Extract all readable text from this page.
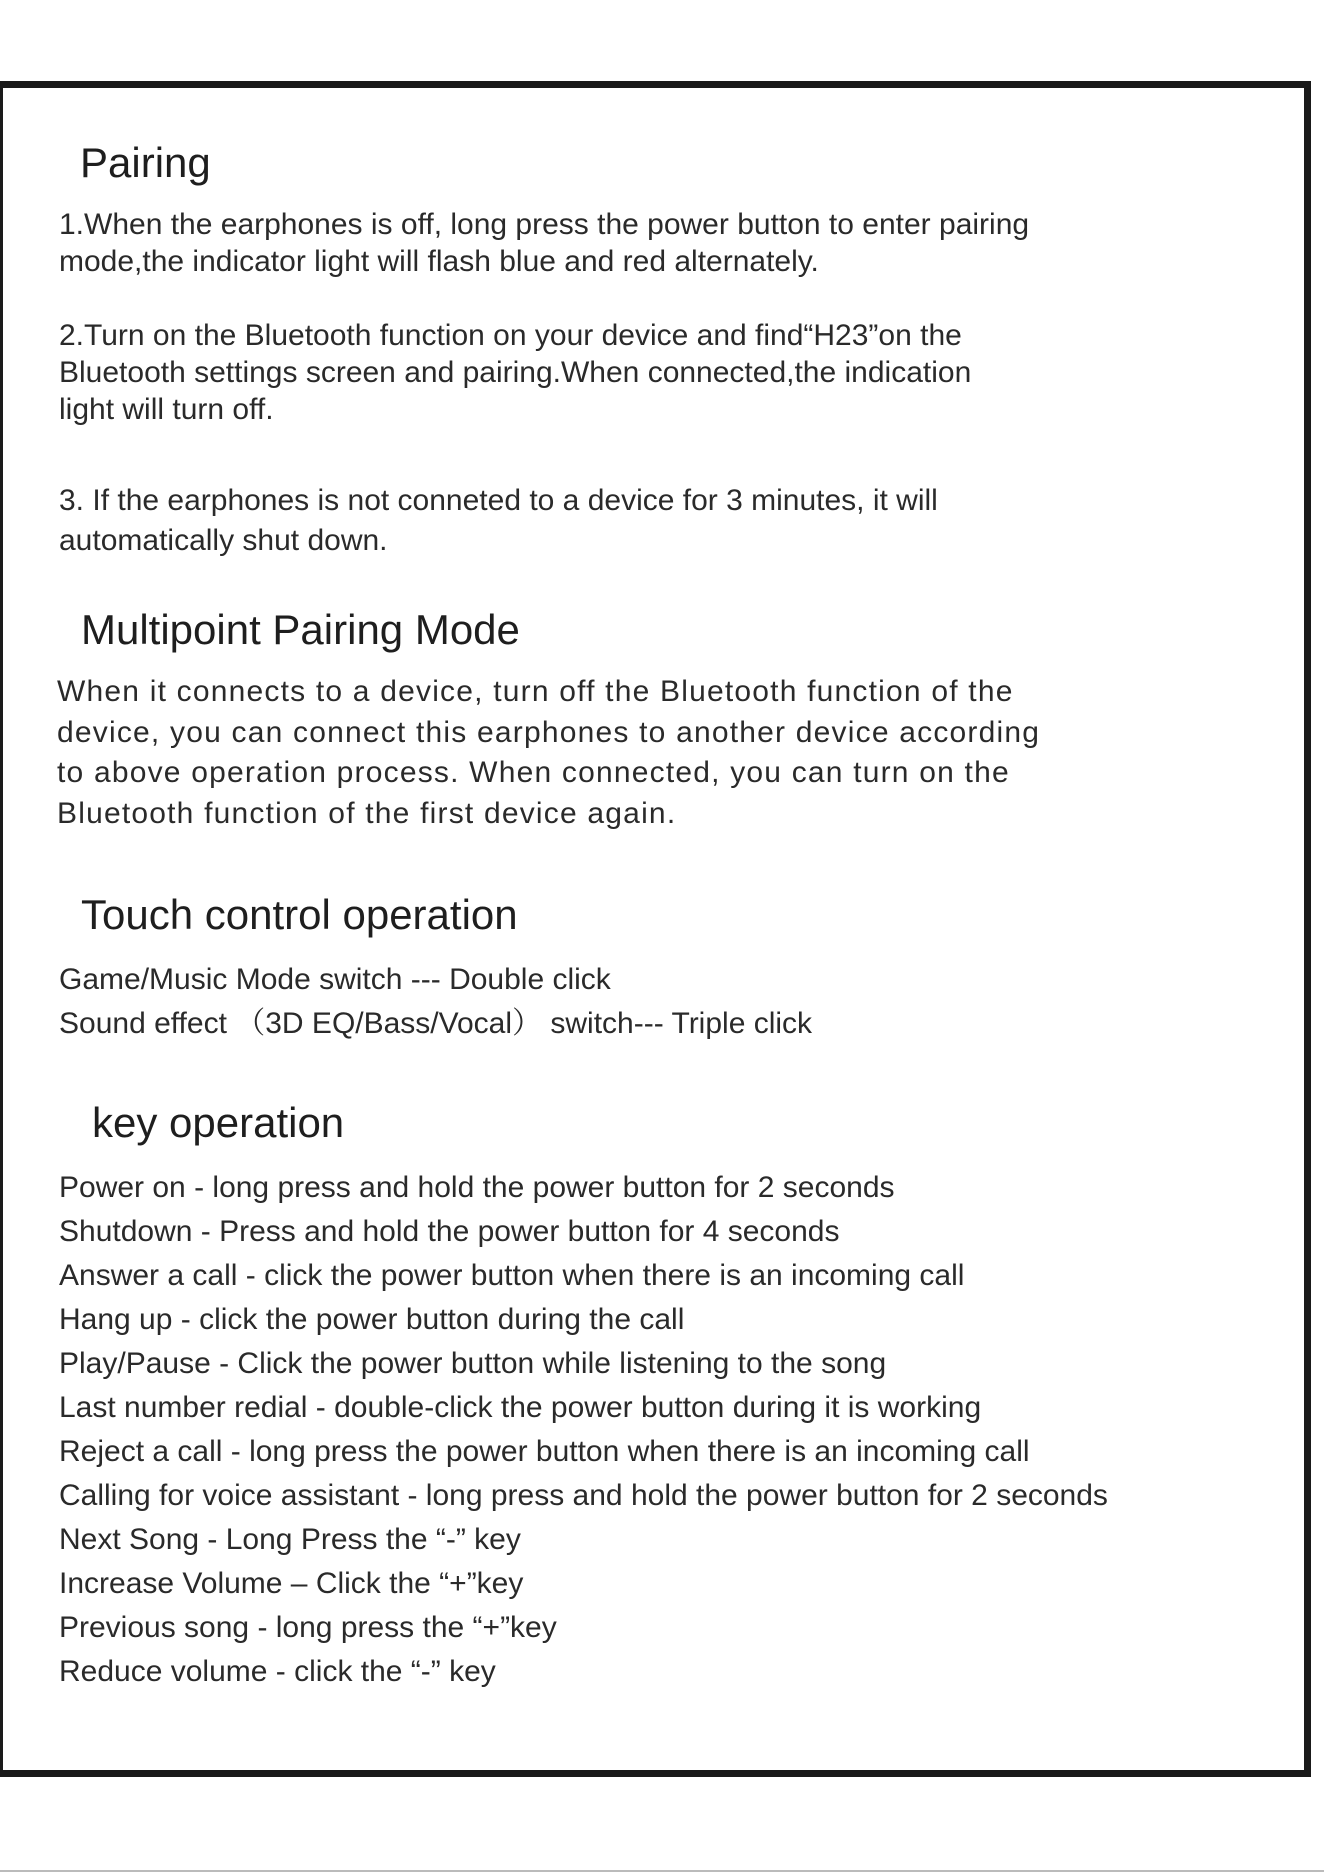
Pairing

1.When the earphones is off, long press the power button to enter pairing
mode,the indicator light will flash blue and red alternately.

2.Turn on the Bluetooth function on your device and find“H23”on the
Bluetooth settings screen and pairing.When connected,the indication
light will turn off.

3. If the earphones is not conneted to a device for 3 minutes, it will
automatically shut down.

Multipoint Pairing Mode

When it connects to a device, turn off the Bluetooth function of the
device, you can connect this earphones to another device according
to above operation process. When connected, you can turn on the
Bluetooth function of the first device again.

Touch control operation

Game/Music Mode switch --- Double click
Sound effect （3D EQ/Bass/Vocal） switch--- Triple click

key operation
Power on - long press and hold the power button for 2 seconds
Shutdown - Press and hold the power button for 4 seconds
Answer a call - click the power button when there is an incoming call
Hang up - click the power button during the call
Play/Pause - Click the power button while listening to the song
Last number redial - double-click the power button during it is working
Reject a call - long press the power button when there is an incoming call
Calling for voice assistant - long press and hold the power button for 2 seconds
Next Song - Long Press the “-” key
Increase Volume – Click the “+”key
Previous song - long press the “+”key
Reduce volume - click the “-” key
